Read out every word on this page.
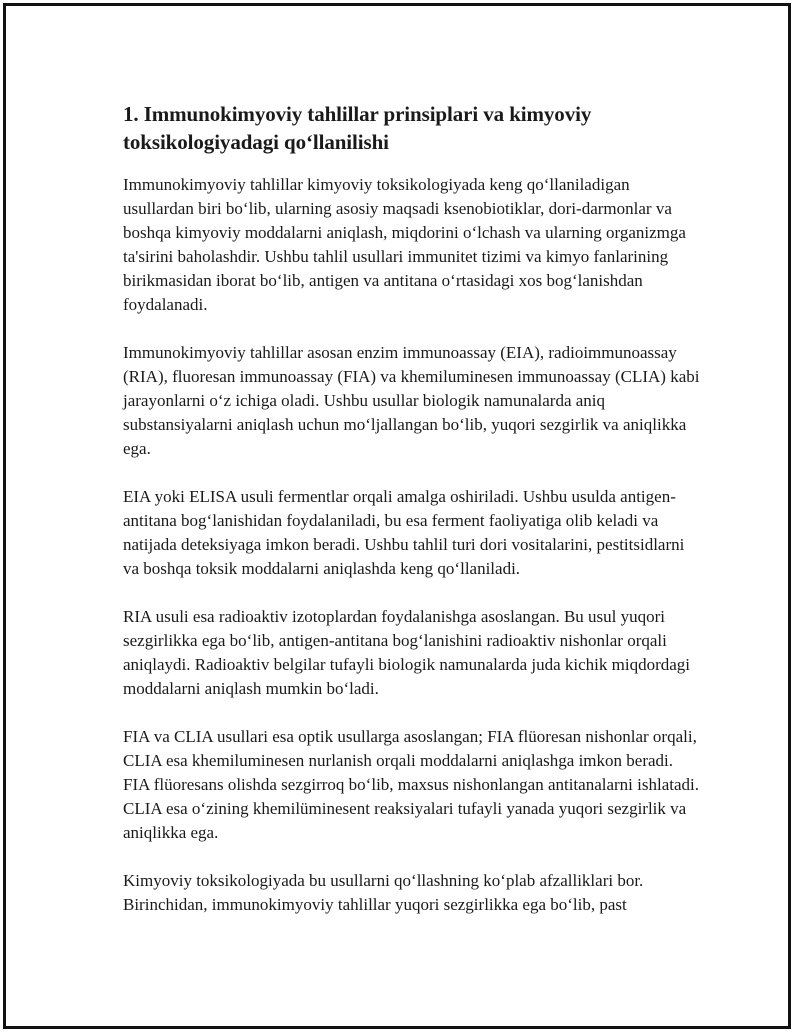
1. Immunokimyoviy tahlillar prinsiplari va kimyoviy toksikologiyadagi qo‘llanilishi

Immunokimyoviy tahlillar kimyoviy toksikologiyada keng qo‘llaniladigan usullardan biri bo‘lib, ularning asosiy maqsadi ksenobiotiklar, dori-darmonlar va boshqa kimyoviy moddalarni aniqlash, miqdorini o‘lchash va ularning organizmga ta'sirini baholashdir. Ushbu tahlil usullari immunitet tizimi va kimyo fanlarining birikmasidan iborat bo‘lib, antigen va antitana o‘rtasidagi xos bog‘lanishdan foydalanadi.

Immunokimyoviy tahlillar asosan enzim immunoassay (EIA), radioimmunoassay (RIA), fluoresan immunoassay (FIA) va khemiluminesen immunoassay (CLIA) kabi jarayonlarni o‘z ichiga oladi. Ushbu usullar biologik namunalarda aniq substansiyalarni aniqlash uchun mo‘ljallangan bo‘lib, yuqori sezgirlik va aniqlikka ega.

EIA yoki ELISA usuli fermentlar orqali amalga oshiriladi. Ushbu usulda antigen-antitana bog‘lanishidan foydalaniladi, bu esa ferment faoliyatiga olib keladi va natijada deteksiyaga imkon beradi. Ushbu tahlil turi dori vositalarini, pestitsidlarni va boshqa toksik moddalarni aniqlashda keng qo‘llaniladi.

RIA usuli esa radioaktiv izotoplardan foydalanishga asoslangan. Bu usul yuqori sezgirlikka ega bo‘lib, antigen-antitana bog‘lanishini radioaktiv nishonlar orqali aniqlaydi. Radioaktiv belgilar tufayli biologik namunalarda juda kichik miqdordagi moddalarni aniqlash mumkin bo‘ladi.

FIA va CLIA usullari esa optik usullarga asoslangan; FIA flüoresan nishonlar orqali, CLIA esa khemiluminesen nurlanish orqali moddalarni aniqlashga imkon beradi. FIA flüoresans olishda sezgirroq bo‘lib, maxsus nishonlangan antitanalarni ishlatadi. CLIA esa o‘zining khemilüminesent reaksiyalari tufayli yanada yuqori sezgirlik va aniqlikka ega.

Kimyoviy toksikologiyada bu usullarni qo‘llashning ko‘plab afzalliklari bor. Birinchidan, immunokimyoviy tahlillar yuqori sezgirlikka ega bo‘lib, past
